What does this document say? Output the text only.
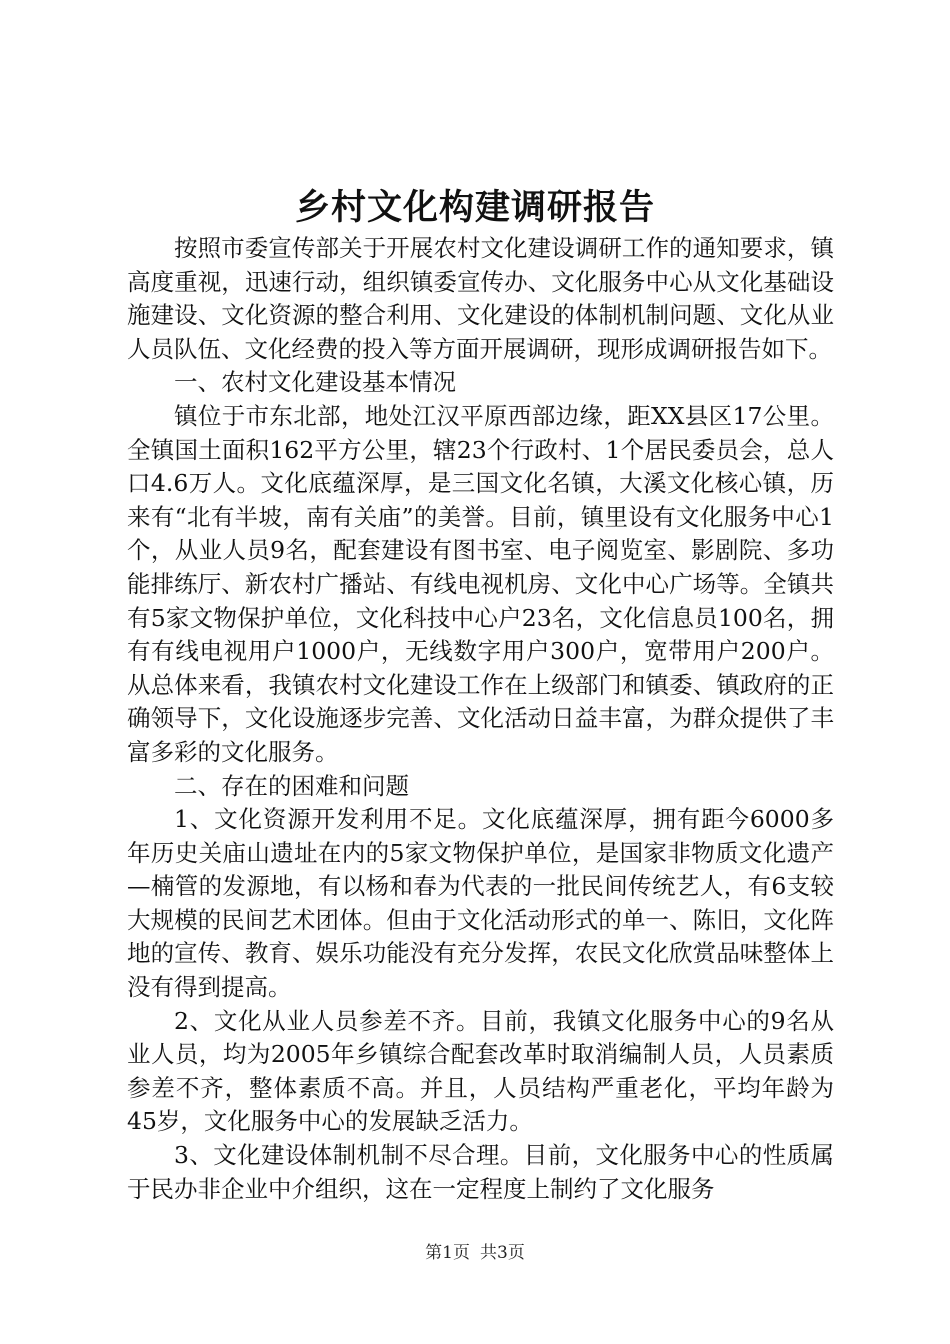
乡村文化构建调研报告

按照市委宣传部关于开展农村文化建设调研工作的通知要求，镇高度重视，迅速行动，组织镇委宣传办、文化服务中心从文化基础设施建设、文化资源的整合利用、文化建设的体制机制问题、文化从业人员队伍、文化经费的投入等方面开展调研，现形成调研报告如下。

一、农村文化建设基本情况

镇位于市东北部，地处江汉平原西部边缘，距XX县区17公里。全镇国土面积162平方公里，辖23个行政村、1个居民委员会，总人口4.6万人。文化底蕴深厚，是三国文化名镇，大溪文化核心镇，历来有“北有半坡，南有关庙”的美誉。目前，镇里设有文化服务中心1个，从业人员9名，配套建设有图书室、电子阅览室、影剧院、多功能排练厅、新农村广播站、有线电视机房、文化中心广场等。全镇共有5家文物保护单位，文化科技中心户23名，文化信息员100名，拥有有线电视用户1000户，无线数字用户300户，宽带用户200户。从总体来看，我镇农村文化建设工作在上级部门和镇委、镇政府的正确领导下，文化设施逐步完善、文化活动日益丰富，为群众提供了丰富多彩的文化服务。

二、存在的困难和问题

1、文化资源开发利用不足。文化底蕴深厚，拥有距今6000多年历史关庙山遗址在内的5家文物保护单位，是国家非物质文化遗产—楠管的发源地，有以杨和春为代表的一批民间传统艺人，有6支较大规模的民间艺术团体。但由于文化活动形式的单一、陈旧，文化阵地的宣传、教育、娱乐功能没有充分发挥，农民文化欣赏品味整体上没有得到提高。

2、文化从业人员参差不齐。目前，我镇文化服务中心的9名从业人员，均为2005年乡镇综合配套改革时取消编制人员，人员素质参差不齐，整体素质不高。并且，人员结构严重老化，平均年龄为45岁，文化服务中心的发展缺乏活力。

3、文化建设体制机制不尽合理。目前，文化服务中心的性质属于民办非企业中介组织，这在一定程度上制约了文化服务

第1页 共3页
